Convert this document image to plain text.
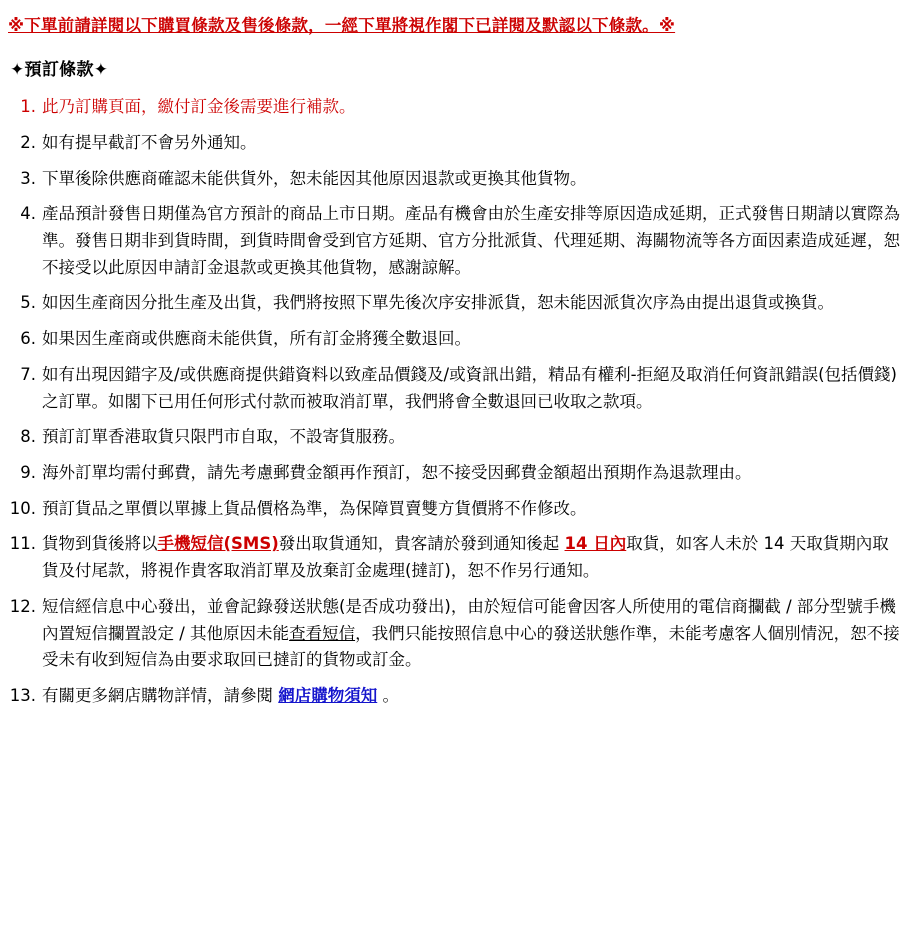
※下單前請詳閱以下購買條款及售後條款，一經下單將視作閣下已詳閱及默認以下條款。※
✦預訂條款✦
此乃訂購頁面，繳付訂金後需要進行補款。
如有提早截訂不會另外通知。
下單後除供應商確認未能供貨外，恕未能因其他原因退款或更換其他貨物。
產品預計發售日期僅為官方預計的商品上市日期。產品有機會由於生產安排等原因造成延期，正式發售日期請以實際為準。發售日期非到貨時間，到貨時間會受到官方延期、官方分批派貨、代理延期、海關物流等各方面因素造成延遲，恕不接受以此原因申請訂金退款或更換其他貨物，感謝諒解。
如因生產商因分批生產及出貨，我們將按照下單先後次序安排派貨，恕未能因派貨次序為由提出退貨或換貨。
如果因生產商或供應商未能供貨，所有訂金將獲全數退回。
如有出現因錯字及/或供應商提供錯資料以致產品價錢及/或資訊出錯，精品有權利-拒絕及取消任何資訊錯誤(包括價錢) 之訂單。如閣下已用任何形式付款而被取消訂單，我們將會全數退回已收取之款項。
預訂訂單香港取貨只限門市自取，不設寄貨服務。
海外訂單均需付郵費，請先考慮郵費金額再作預訂，恕不接受因郵費金額超出預期作為退款理由。
預訂貨品之單價以單據上貨品價格為準，為保障買賣雙方貨價將不作修改。
貨物到貨後將以手機短信(SMS)發出取貨通知，貴客請於發到通知後起 14 日內取貨，如客人未於 14 天取貨期內取貨及付尾款，將視作貴客取消訂單及放棄訂金處理(撻訂)，恕不作另行通知。
短信經信息中心發出，並會記錄發送狀態(是否成功發出)，由於短信可能會因客人所使用的電信商攔截 / 部分型號手機內置短信攔置設定 / 其他原因未能查看短信，我們只能按照信息中心的發送狀態作準，未能考慮客人個別情況，恕不接受未有收到短信為由要求取回已撻訂的貨物或訂金。
有關更多網店購物詳情，請參閱 網店購物須知 。
